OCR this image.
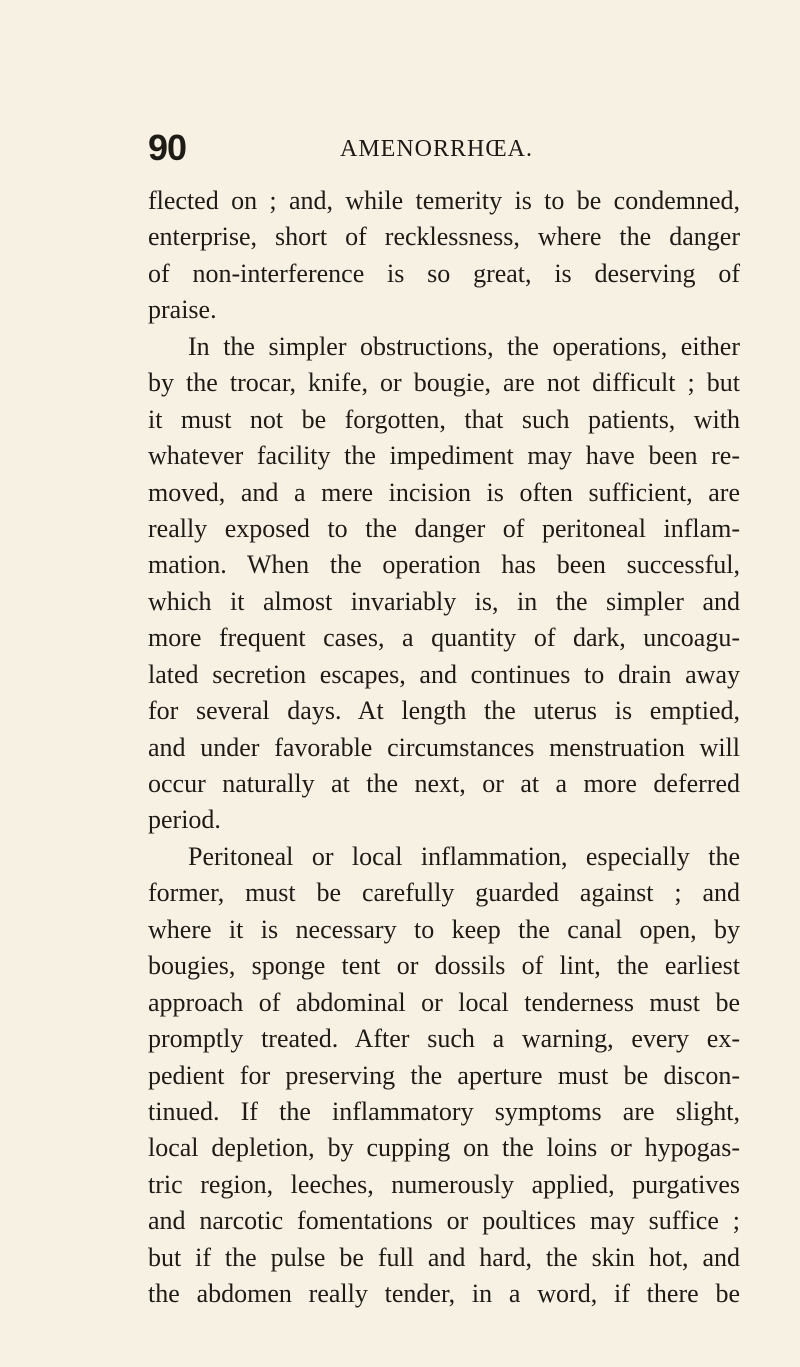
90	AMENORRHŒA.
flected on ; and, while temerity is to be condemned,
enterprise, short of recklessness, where the danger
of non-interference is so great, is deserving of
praise.
In the simpler obstructions, the operations, either
by the trocar, knife, or bougie, are not difficult ; but
it must not be forgotten, that such patients, with
whatever facility the impediment may have been re-
moved, and a mere incision is often sufficient, are
really exposed to the danger of peritoneal inflam-
mation. When the operation has been successful,
which it almost invariably is, in the simpler and
more frequent cases, a quantity of dark, uncoagu-
lated secretion escapes, and continues to drain away
for several days. At length the uterus is emptied,
and under favorable circumstances menstruation will
occur naturally at the next, or at a more deferred
period.
Peritoneal or local inflammation, especially the
former, must be carefully guarded against ; and
where it is necessary to keep the canal open, by
bougies, sponge tent or dossils of lint, the earliest
approach of abdominal or local tenderness must be
promptly treated. After such a warning, every ex-
pedient for preserving the aperture must be discon-
tinued. If the inflammatory symptoms are slight,
local depletion, by cupping on the loins or hypogas-
tric region, leeches, numerously applied, purgatives
and narcotic fomentations or poultices may suffice ;
but if the pulse be full and hard, the skin hot, and
the abdomen really tender, in a word, if there be
